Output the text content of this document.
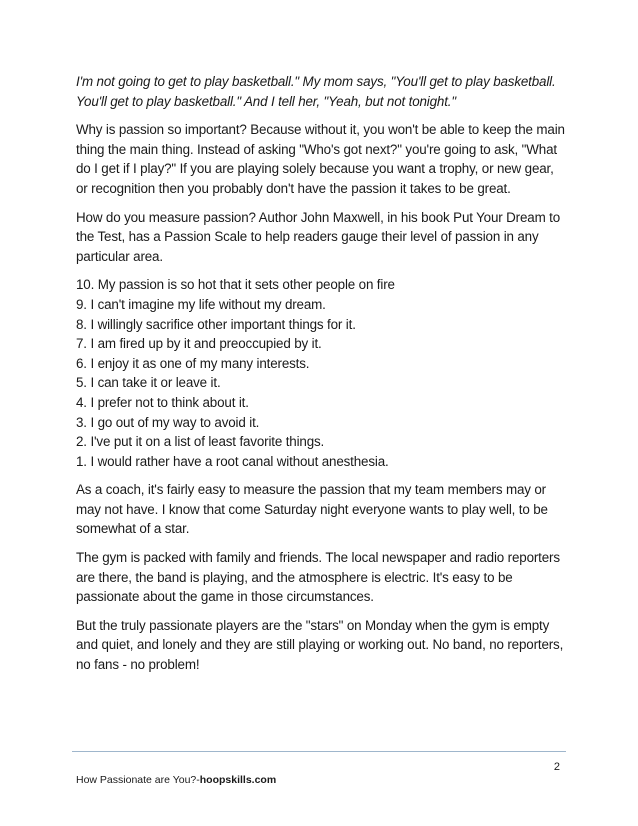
I'm not going to get to play basketball." My mom says, "You'll get to play basketball. You'll get to play basketball." And I tell her, "Yeah, but not tonight."

Why is passion so important? Because without it, you won't be able to keep the main thing the main thing. Instead of asking "Who's got next?" you're going to ask, "What do I get if I play?" If you are playing solely because you want a trophy, or new gear, or recognition then you probably don't have the passion it takes to be great.

How do you measure passion? Author John Maxwell, in his book Put Your Dream to the Test, has a Passion Scale to help readers gauge their level of passion in any particular area.

10. My passion is so hot that it sets other people on fire
9. I can't imagine my life without my dream.
8. I willingly sacrifice other important things for it.
7. I am fired up by it and preoccupied by it.
6. I enjoy it as one of my many interests.
5. I can take it or leave it.
4. I prefer not to think about it.
3. I go out of my way to avoid it.
2. I've put it on a list of least favorite things.
1. I would rather have a root canal without anesthesia.

As a coach, it's fairly easy to measure the passion that my team members may or may not have. I know that come Saturday night everyone wants to play well, to be somewhat of a star.

The gym is packed with family and friends. The local newspaper and radio reporters are there, the band is playing, and the atmosphere is electric. It's easy to be passionate about the game in those circumstances.

But the truly passionate players are the "stars" on Monday when the gym is empty and quiet, and lonely and they are still playing or working out. No band, no reporters, no fans - no problem!

2
How Passionate are You?-hoopskills.com
